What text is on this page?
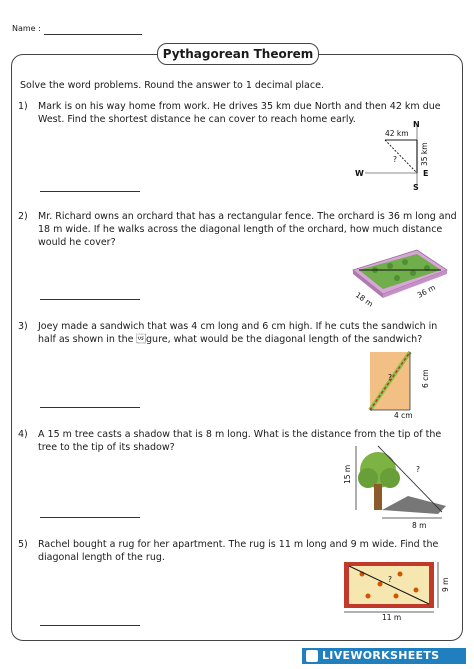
Name :
Pythagorean Theorem
Solve the word problems. Round the answer to 1 decimal place.
1) Mark is on his way home from work. He drives 35 km due North and then 42 km due West. Find the shortest distance he can cover to reach home early.
42 km
35 km
N
W	E
S
?
2) Mr. Richard owns an orchard that has a rectangular fence. The orchard is 36 m long and 18 m wide. If he walks across the diagonal length of the orchard, how much distance would he cover?
18 m	36 m
3) Joey made a sandwich that was 4 cm long and 6 cm high. If he cuts the sandwich in half as shown in the gure, what would be the diagonal length of the sandwich?
?	6 cm
4 cm
4) A 15 m tree casts a shadow that is 8 m long. What is the distance from the tip of the tree to the tip of its shadow?
15 m
8 m
?
5) Rachel bought a rug for her apartment. The rug is 11 m long and 9 m wide. Find the diagonal length of the rug.
?	9 m
11 m
LIVEWORKSHEETS
